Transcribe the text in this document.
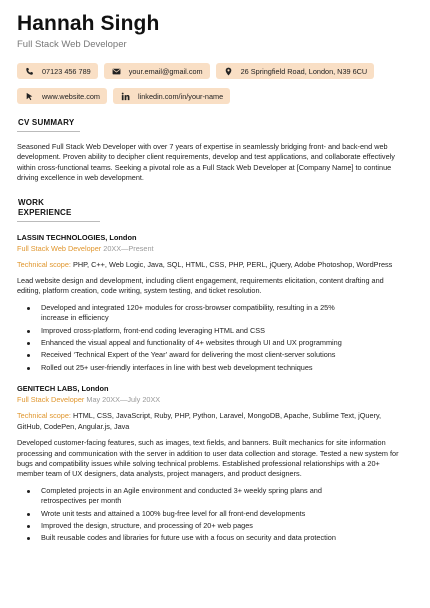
Hannah Singh
Full Stack Web Developer
07123 456 789	your.email@gmail.com	26 Springfield Road, London, N39 6CU
www.website.com	linkedin.com/in/your-name
CV SUMMARY

Seasoned Full Stack Web Developer with over 7 years of expertise in seamlessly bridging front- and back-end web development. Proven ability to decipher client requirements, develop and test applications, and collaborate effectively within cross-functional teams. Seeking a pivotal role as a Full Stack Web Developer at [Company Name] to continue driving excellence in web development.

WORK EXPERIENCE
LASSIN TECHNOLOGIES, London
Full Stack Web Developer 20XX—Present

Technical scope: PHP, C++, Web Logic, Java, SQL, HTML, CSS, PHP, PERL, jQuery, Adobe Photoshop, WordPress

Lead website design and development, including client engagement, requirements elicitation, content drafting and editing, platform creation, code writing, system testing, and ticket resolution.

Developed and integrated 120+ modules for cross-browser compatibility, resulting in a 25% increase in efficiency
Improved cross-platform, front-end coding leveraging HTML and CSS
Enhanced the visual appeal and functionality of 4+ websites through UI and UX programming
Received ‘Technical Expert of the Year’ award for delivering the most client-server solutions
Rolled out 25+ user-friendly interfaces in line with best web development techniques
GENITECH LABS, London
Full Stack Developer May 20XX—July 20XX

Technical scope: HTML, CSS, JavaScript, Ruby, PHP, Python, Laravel, MongoDB, Apache, Sublime Text, jQuery, GitHub, CodePen, Angular.js, Java

Developed customer-facing features, such as images, text fields, and banners. Built mechanics for site information processing and communication with the server in addition to user data collection and storage. Tested a new system for bugs and compatibility issues while solving technical problems. Established professional relationships with a 20+ member team of UX designers, data analysts, project managers, and product designers.

Completed projects in an Agile environment and conducted 3+ weekly spring plans and retrospectives per month
Wrote unit tests and attained a 100% bug-free level for all front-end developments
Improved the design, structure, and processing of 20+ web pages
Built reusable codes and libraries for future use with a focus on security and data protection
